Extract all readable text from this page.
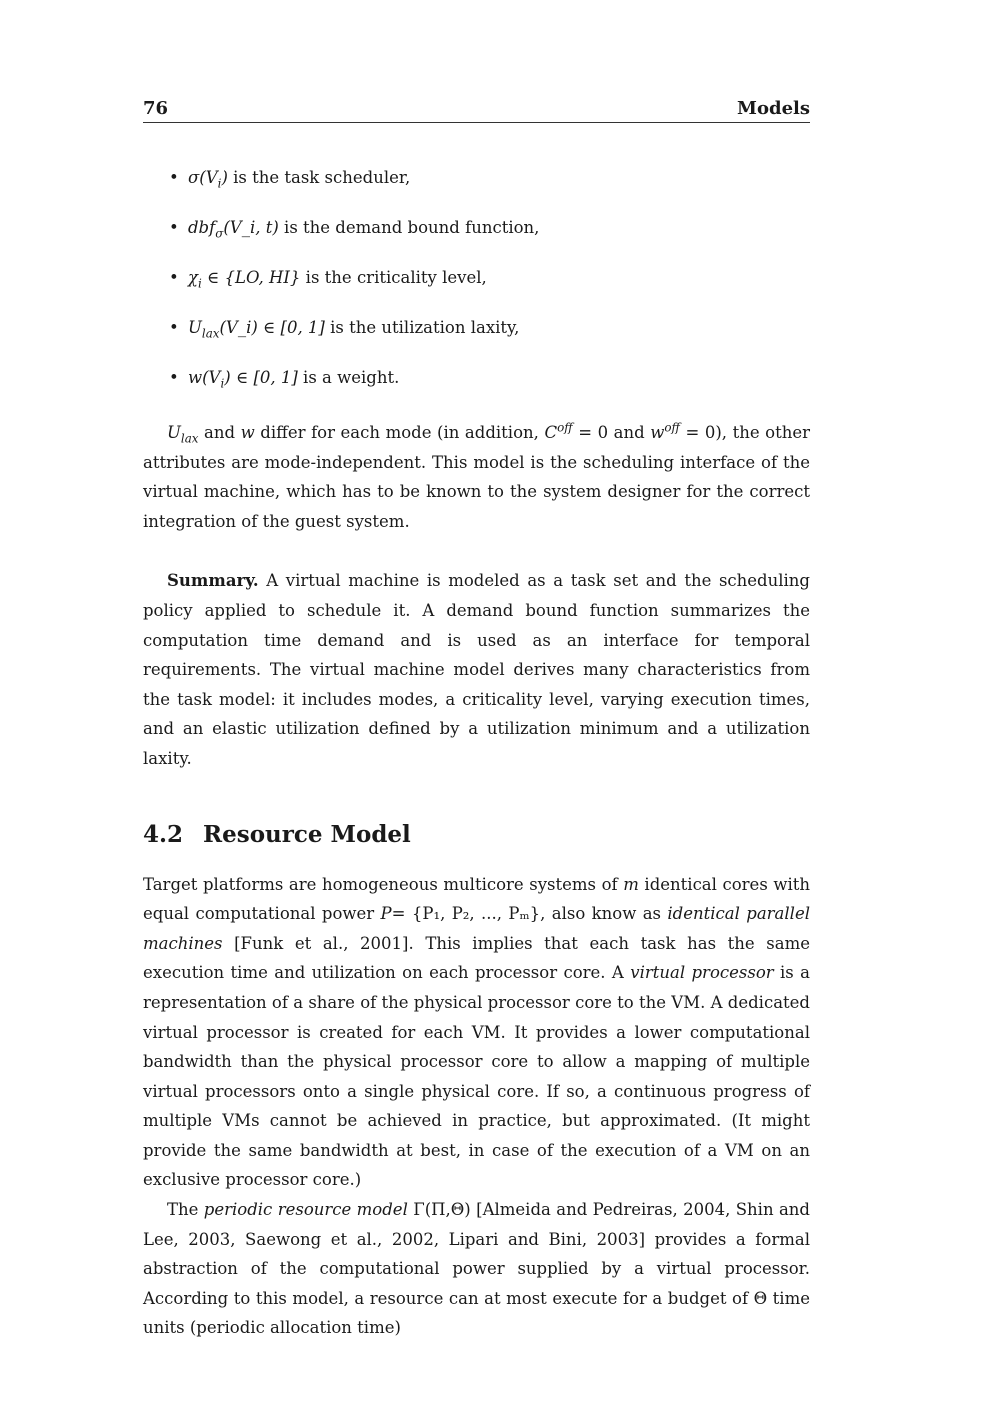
76	Models
• $\sigma(V_i)$ is the task scheduler,
• dbf$_\sigma$(V_i, t) is the demand bound function,
• $\chi_i$ ∈ {LO, HI} is the criticality level,
• $U_{lax}(V\_i)$ ∈ [0, 1] is the utilization laxity,
• $w(V_i)$ ∈ [0, 1] is a weight.

$U_{lax}$ and w differ for each mode (in addition, $C^{off} = 0$ and $w^{off} = 0$), the other attributes are mode-independent. This model is the scheduling interface of the virtual machine, which has to be known to the system designer for the correct integration of the guest system.

Summary. A virtual machine is modeled as a task set and the scheduling policy applied to schedule it. A demand bound function summarizes the computation time demand and is used as an interface for temporal requirements. The virtual machine model derives many characteristics from the task model: it includes modes, a criticality level, varying execution times, and an elastic utilization defined by a utilization minimum and a utilization laxity.

4.2 Resource Model

Target platforms are homogeneous multicore systems of m identical cores with equal computational power P= {P₁, P₂, ..., Pₘ}, also know as identical parallel machines [Funk et al., 2001]. This implies that each task has the same execution time and utilization on each processor core. A virtual processor is a representation of a share of the physical processor core to the VM. A dedicated virtual processor is created for each VM. It provides a lower computational bandwidth than the physical processor core to allow a mapping of multiple virtual processors onto a single physical core. If so, a continuous progress of multiple VMs cannot be achieved in practice, but approximated. (It might provide the same bandwidth at best, in case of the execution of a VM on an exclusive processor core.)

The periodic resource model Γ(Π,Θ) [Almeida and Pedreiras, 2004, Shin and Lee, 2003, Saewong et al., 2002, Lipari and Bini, 2003] provides a formal abstraction of the computational power supplied by a virtual processor. According to this model, a resource can at most execute for a budget of Θ time units (periodic allocation time)
